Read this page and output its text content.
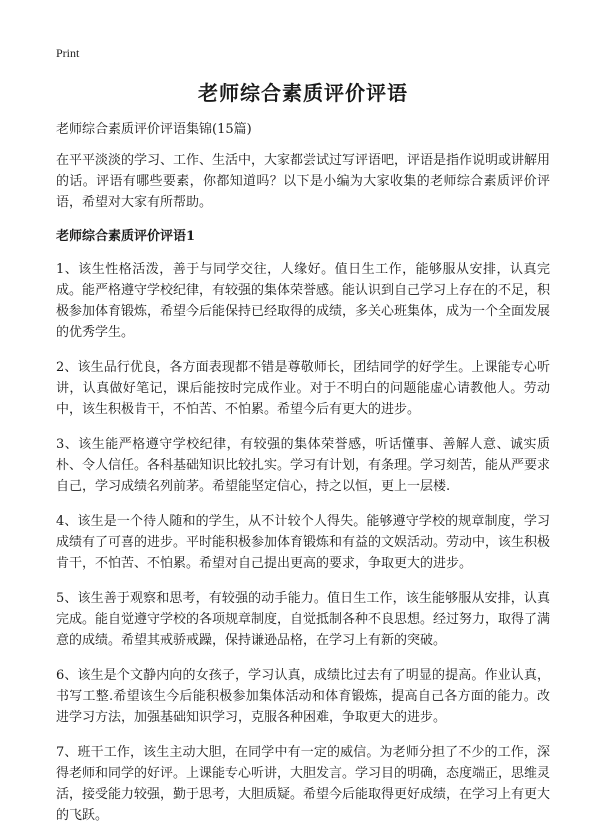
Print
老师综合素质评价评语
老师综合素质评价评语集锦(15篇)

在平平淡淡的学习、工作、生活中，大家都尝试过写评语吧，评语是指作说明或讲解用的话。评语有哪些要素，你都知道吗？以下是小编为大家收集的老师综合素质评价评语，希望对大家有所帮助。

老师综合素质评价评语1

1、该生性格活泼，善于与同学交往，人缘好。值日生工作，能够服从安排，认真完成。能严格遵守学校纪律，有较强的集体荣誉感。能认识到自己学习上存在的不足，积极参加体育锻炼，希望今后能保持已经取得的成绩，多关心班集体，成为一个全面发展的优秀学生。

2、该生品行优良，各方面表现都不错是尊敬师长，团结同学的好学生。上课能专心听讲，认真做好笔记，课后能按时完成作业。对于不明白的问题能虚心请教他人。劳动中，该生积极肯干，不怕苦、不怕累。希望今后有更大的进步。

3、该生能严格遵守学校纪律，有较强的集体荣誉感，听话懂事、善解人意、诚实质朴、令人信任。各科基础知识比较扎实。学习有计划，有条理。学习刻苦，能从严要求自己，学习成绩名列前茅。希望能坚定信心，持之以恒，更上一层楼.

4、该生是一个待人随和的学生，从不计较个人得失。能够遵守学校的规章制度，学习成绩有了可喜的进步。平时能积极参加体育锻炼和有益的文娱活动。劳动中，该生积极肯干，不怕苦、不怕累。希望对自己提出更高的要求，争取更大的进步。

5、该生善于观察和思考，有较强的动手能力。值日生工作，该生能够服从安排，认真完成。能自觉遵守学校的各项规章制度，自觉抵制各种不良思想。经过努力，取得了满意的成绩。希望其戒骄戒躁，保持谦逊品格，在学习上有新的突破。

6、该生是个文静内向的女孩子，学习认真，成绩比过去有了明显的提高。作业认真，书写工整.希望该生今后能积极参加集体活动和体育锻炼，提高自己各方面的能力。改进学习方法，加强基础知识学习，克服各种困难，争取更大的进步。

7、班干工作，该生主动大胆，在同学中有一定的威信。为老师分担了不少的工作，深得老师和同学的好评。上课能专心听讲，大胆发言。学习目的明确，态度端正，思维灵活，接受能力较强，勤于思考，大胆质疑。希望今后能取得更好成绩，在学习上有更大的飞跃。
